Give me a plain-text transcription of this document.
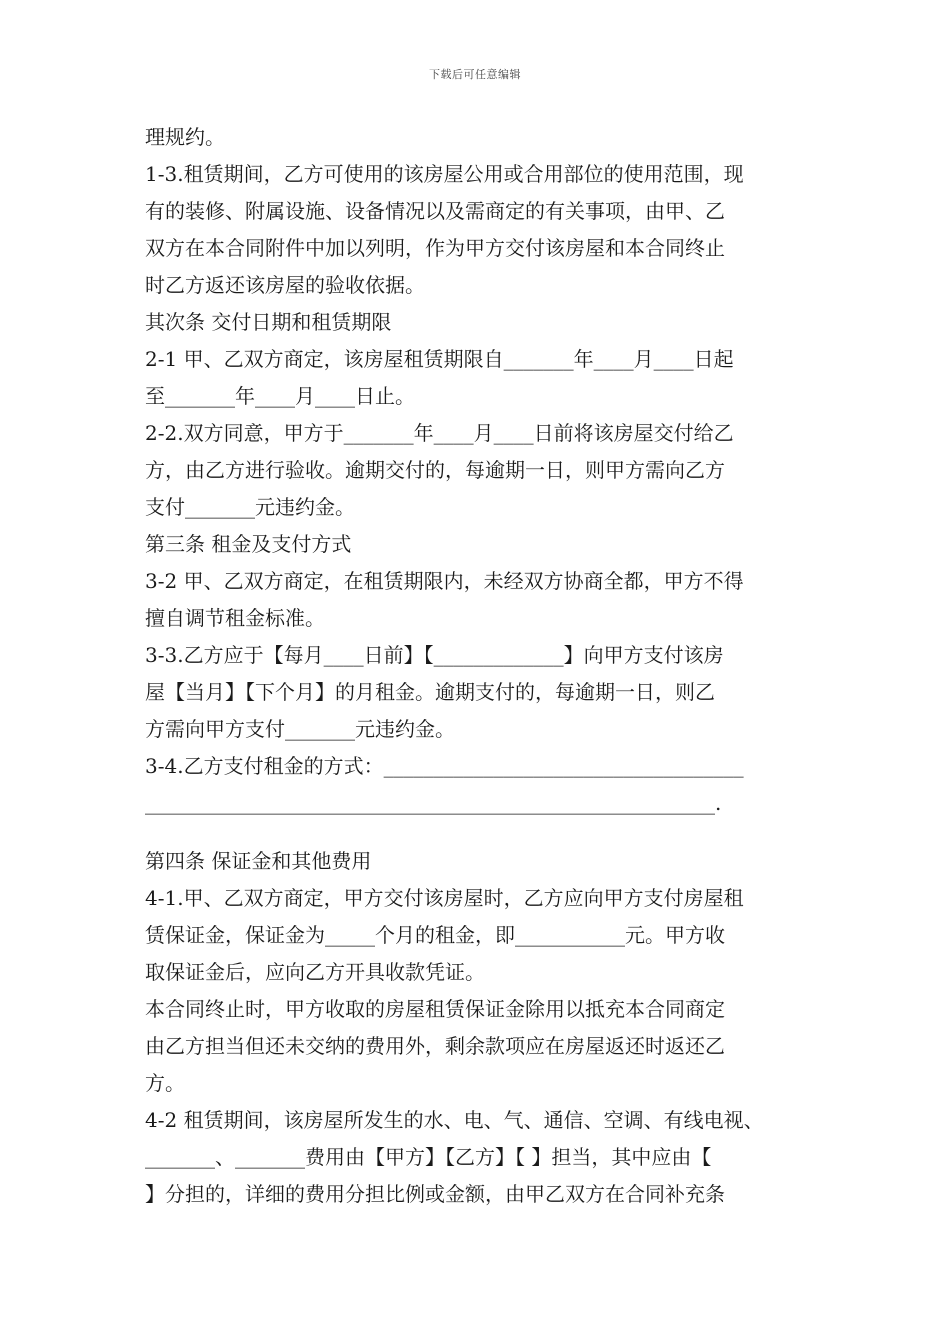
下载后可任意编辑
理规约。
1-3.租赁期间，乙方可使用的该房屋公用或合用部位的使用范围，现
有的装修、附属设施、设备情况以及需商定的有关事项，由甲、乙
双方在本合同附件中加以列明，作为甲方交付该房屋和本合同终止
时乙方返还该房屋的验收依据。
其次条 交付日期和租赁期限
2-1 甲、乙双方商定，该房屋租赁期限自_______年____月____日起
至_______年____月____日止。
2-2.双方同意，甲方于_______年____月____日前将该房屋交付给乙
方，由乙方进行验收。逾期交付的，每逾期一日，则甲方需向乙方
支付_______元违约金。
第三条 租金及支付方式
3-2 甲、乙双方商定，在租赁期限内，未经双方协商全都，甲方不得
擅自调节租金标准。
3-3.乙方应于【每月____日前】【_____________】向甲方支付该房
屋【当月】【下个月】的月租金。逾期支付的，每逾期一日，则乙
方需向甲方支付_______元违约金。
3-4.乙方支付租金的方式：____________________________________
_________________________________________________________.
第四条 保证金和其他费用
4-1.甲、乙双方商定，甲方交付该房屋时，乙方应向甲方支付房屋租
赁保证金，保证金为_____个月的租金，即___________元。甲方收
取保证金后，应向乙方开具收款凭证。
本合同终止时，甲方收取的房屋租赁保证金除用以抵充本合同商定
由乙方担当但还未交纳的费用外，剩余款项应在房屋返还时返还乙
方。
4-2 租赁期间，该房屋所发生的水、电、气、通信、空调、有线电视、
_______、_______费用由【甲方】【乙方】【 】担当，其中应由【
】分担的，详细的费用分担比例或金额，由甲乙双方在合同补充条
